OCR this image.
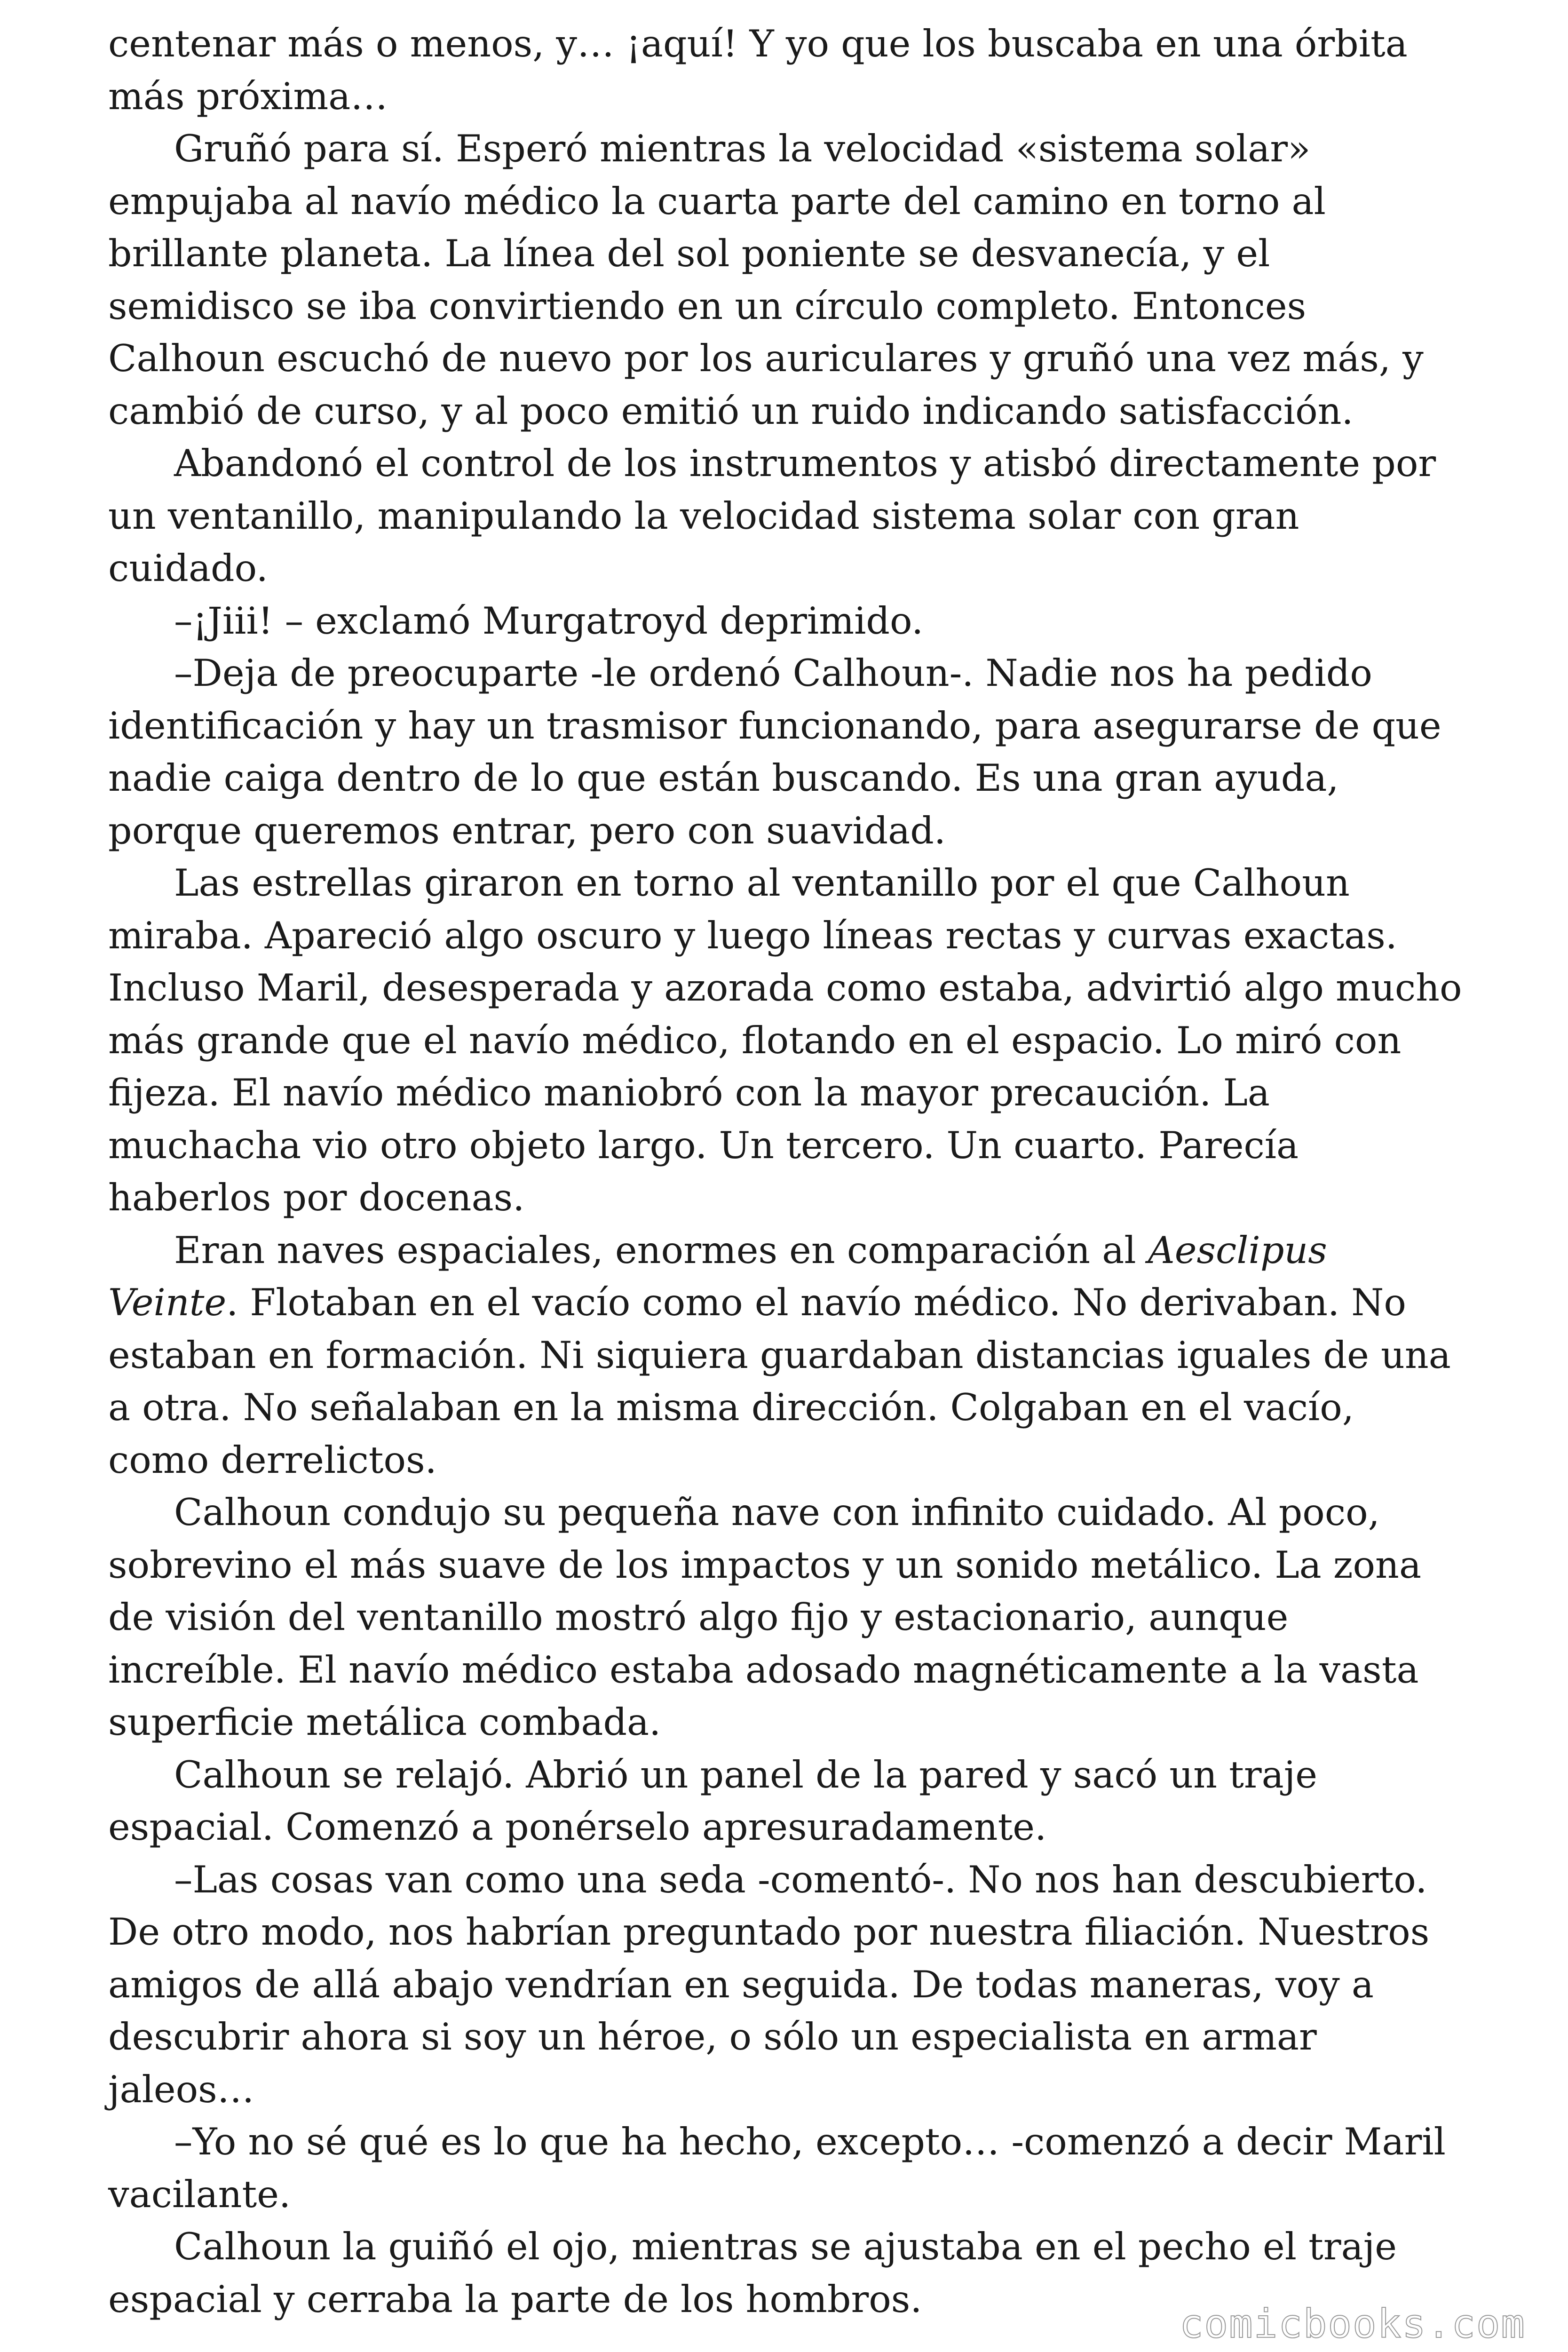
centenar más o menos, y… ¡aquí! Y yo que los buscaba en una órbita más próxima…

Gruñó para sí. Esperó mientras la velocidad «sistema solar» empujaba al navío médico la cuarta parte del camino en torno al brillante planeta. La línea del sol poniente se desvanecía, y el semidisco se iba convirtiendo en un círculo completo. Entonces Calhoun escuchó de nuevo por los auriculares y gruñó una vez más, y cambió de curso, y al poco emitió un ruido indicando satisfacción.

Abandonó el control de los instrumentos y atisbó directamente por un ventanillo, manipulando la velocidad sistema solar con gran cuidado.

–¡Jiii! – exclamó Murgatroyd deprimido.

–Deja de preocuparte -le ordenó Calhoun-. Nadie nos ha pedido identificación y hay un trasmisor funcionando, para asegurarse de que nadie caiga dentro de lo que están buscando. Es una gran ayuda, porque queremos entrar, pero con suavidad.

Las estrellas giraron en torno al ventanillo por el que Calhoun miraba. Apareció algo oscuro y luego líneas rectas y curvas exactas. Incluso Maril, desesperada y azorada como estaba, advirtió algo mucho más grande que el navío médico, flotando en el espacio. Lo miró con fijeza. El navío médico maniobró con la mayor precaución. La muchacha vio otro objeto largo. Un tercero. Un cuarto. Parecía haberlos por docenas.

Eran naves espaciales, enormes en comparación al Aesclipus Veinte. Flotaban en el vacío como el navío médico. No derivaban. No estaban en formación. Ni siquiera guardaban distancias iguales de una a otra. No señalaban en la misma dirección. Colgaban en el vacío, como derrelictos.

Calhoun condujo su pequeña nave con infinito cuidado. Al poco, sobrevino el más suave de los impactos y un sonido metálico. La zona de visión del ventanillo mostró algo fijo y estacionario, aunque increíble. El navío médico estaba adosado magnéticamente a la vasta superficie metálica combada.

Calhoun se relajó. Abrió un panel de la pared y sacó un traje espacial. Comenzó a ponérselo apresuradamente.

–Las cosas van como una seda -comentó-. No nos han descubierto. De otro modo, nos habrían preguntado por nuestra filiación. Nuestros amigos de allá abajo vendrían en seguida. De todas maneras, voy a descubrir ahora si soy un héroe, o sólo un especialista en armar jaleos…

–Yo no sé qué es lo que ha hecho, excepto… -comenzó a decir Maril vacilante.

Calhoun la guiñó el ojo, mientras se ajustaba en el pecho el traje espacial y cerraba la parte de los hombros.

comicbooks.com
